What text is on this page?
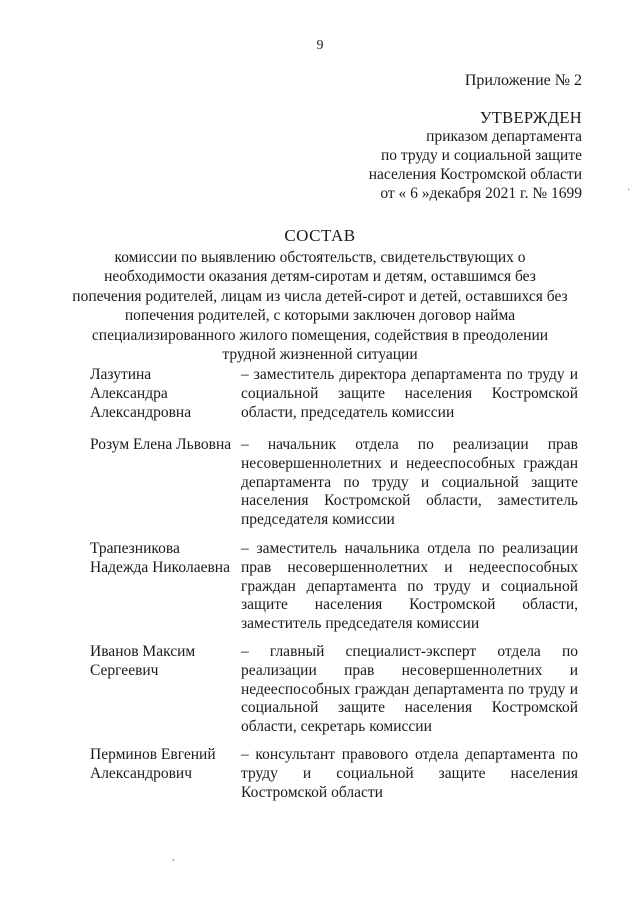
9
Приложение № 2
УТВЕРЖДЕН
приказом департамента
по труду и социальной защите
населения Костромской области
от « 6 »декабря 2021 г. № 1699
СОСТАВ
комиссии по выявлению обстоятельств, свидетельствующих о
необходимости оказания детям-сиротам и детям, оставшимся без
попечения родителей, лицам из числа детей-сирот и детей, оставшихся без
попечения родителей, с которыми заключен договор найма
специализированного жилого помещения, содействия в преодолении
трудной жизненной ситуации
Лазутина
Александра
Александровна
– заместитель директора департамента по труду и социальной защите населения Костромской области, председатель комиссии
Розум Елена Львовна – начальник отдела по реализации прав несовершеннолетних и недееспособных граждан департамента по труду и социальной защите населения Костромской области, заместитель председателя комиссии
Трапезникова
Надежда Николаевна
– заместитель начальника отдела по реализации прав несовершеннолетних и недееспособных граждан департамента по труду и социальной защите населения Костромской области, заместитель председателя комиссии
Иванов Максим
Сергеевич
– главный специалист-эксперт отдела по реализации прав несовершеннолетних и недееспособных граждан департамента по труду и социальной защите населения Костромской области, секретарь комиссии
Перминов Евгений
Александрович
– консультант правового отдела департамента по труду и социальной защите населения Костромской области
,
·
